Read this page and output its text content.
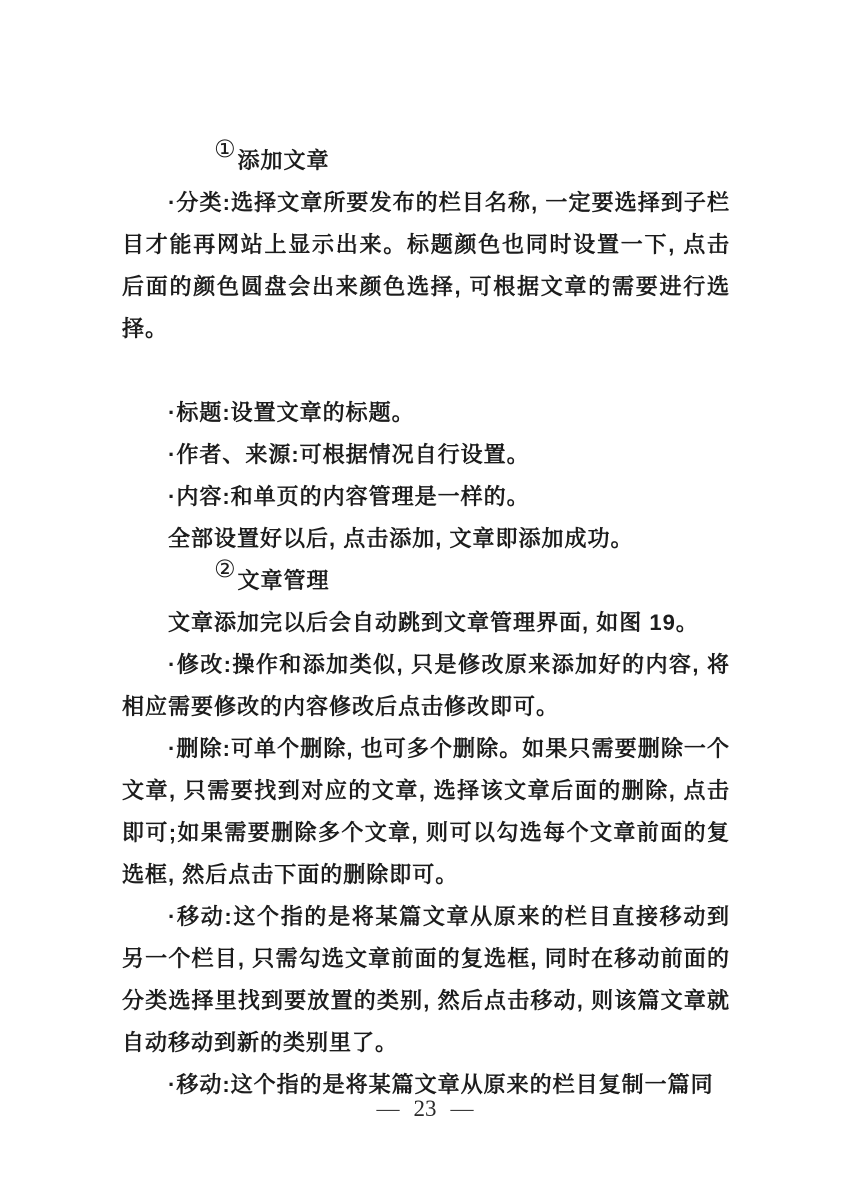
①添加文章

·分类:选择文章所要发布的栏目名称, 一定要选择到子栏目才能再网站上显示出来。标题颜色也同时设置一下, 点击后面的颜色圆盘会出来颜色选择, 可根据文章的需要进行选择。

·标题:设置文章的标题。

·作者、来源:可根据情况自行设置。

·内容:和单页的内容管理是一样的。

全部设置好以后, 点击添加, 文章即添加成功。

②文章管理

文章添加完以后会自动跳到文章管理界面, 如图 19。

·修改:操作和添加类似, 只是修改原来添加好的内容, 将相应需要修改的内容修改后点击修改即可。

·删除:可单个删除, 也可多个删除。如果只需要删除一个文章, 只需要找到对应的文章, 选择该文章后面的删除, 点击即可;如果需要删除多个文章, 则可以勾选每个文章前面的复选框, 然后点击下面的删除即可。

·移动:这个指的是将某篇文章从原来的栏目直接移动到另一个栏目, 只需勾选文章前面的复选框, 同时在移动前面的分类选择里找到要放置的类别, 然后点击移动, 则该篇文章就自动移动到新的类别里了。

·移动:这个指的是将某篇文章从原来的栏目复制一篇同

— 23 —
